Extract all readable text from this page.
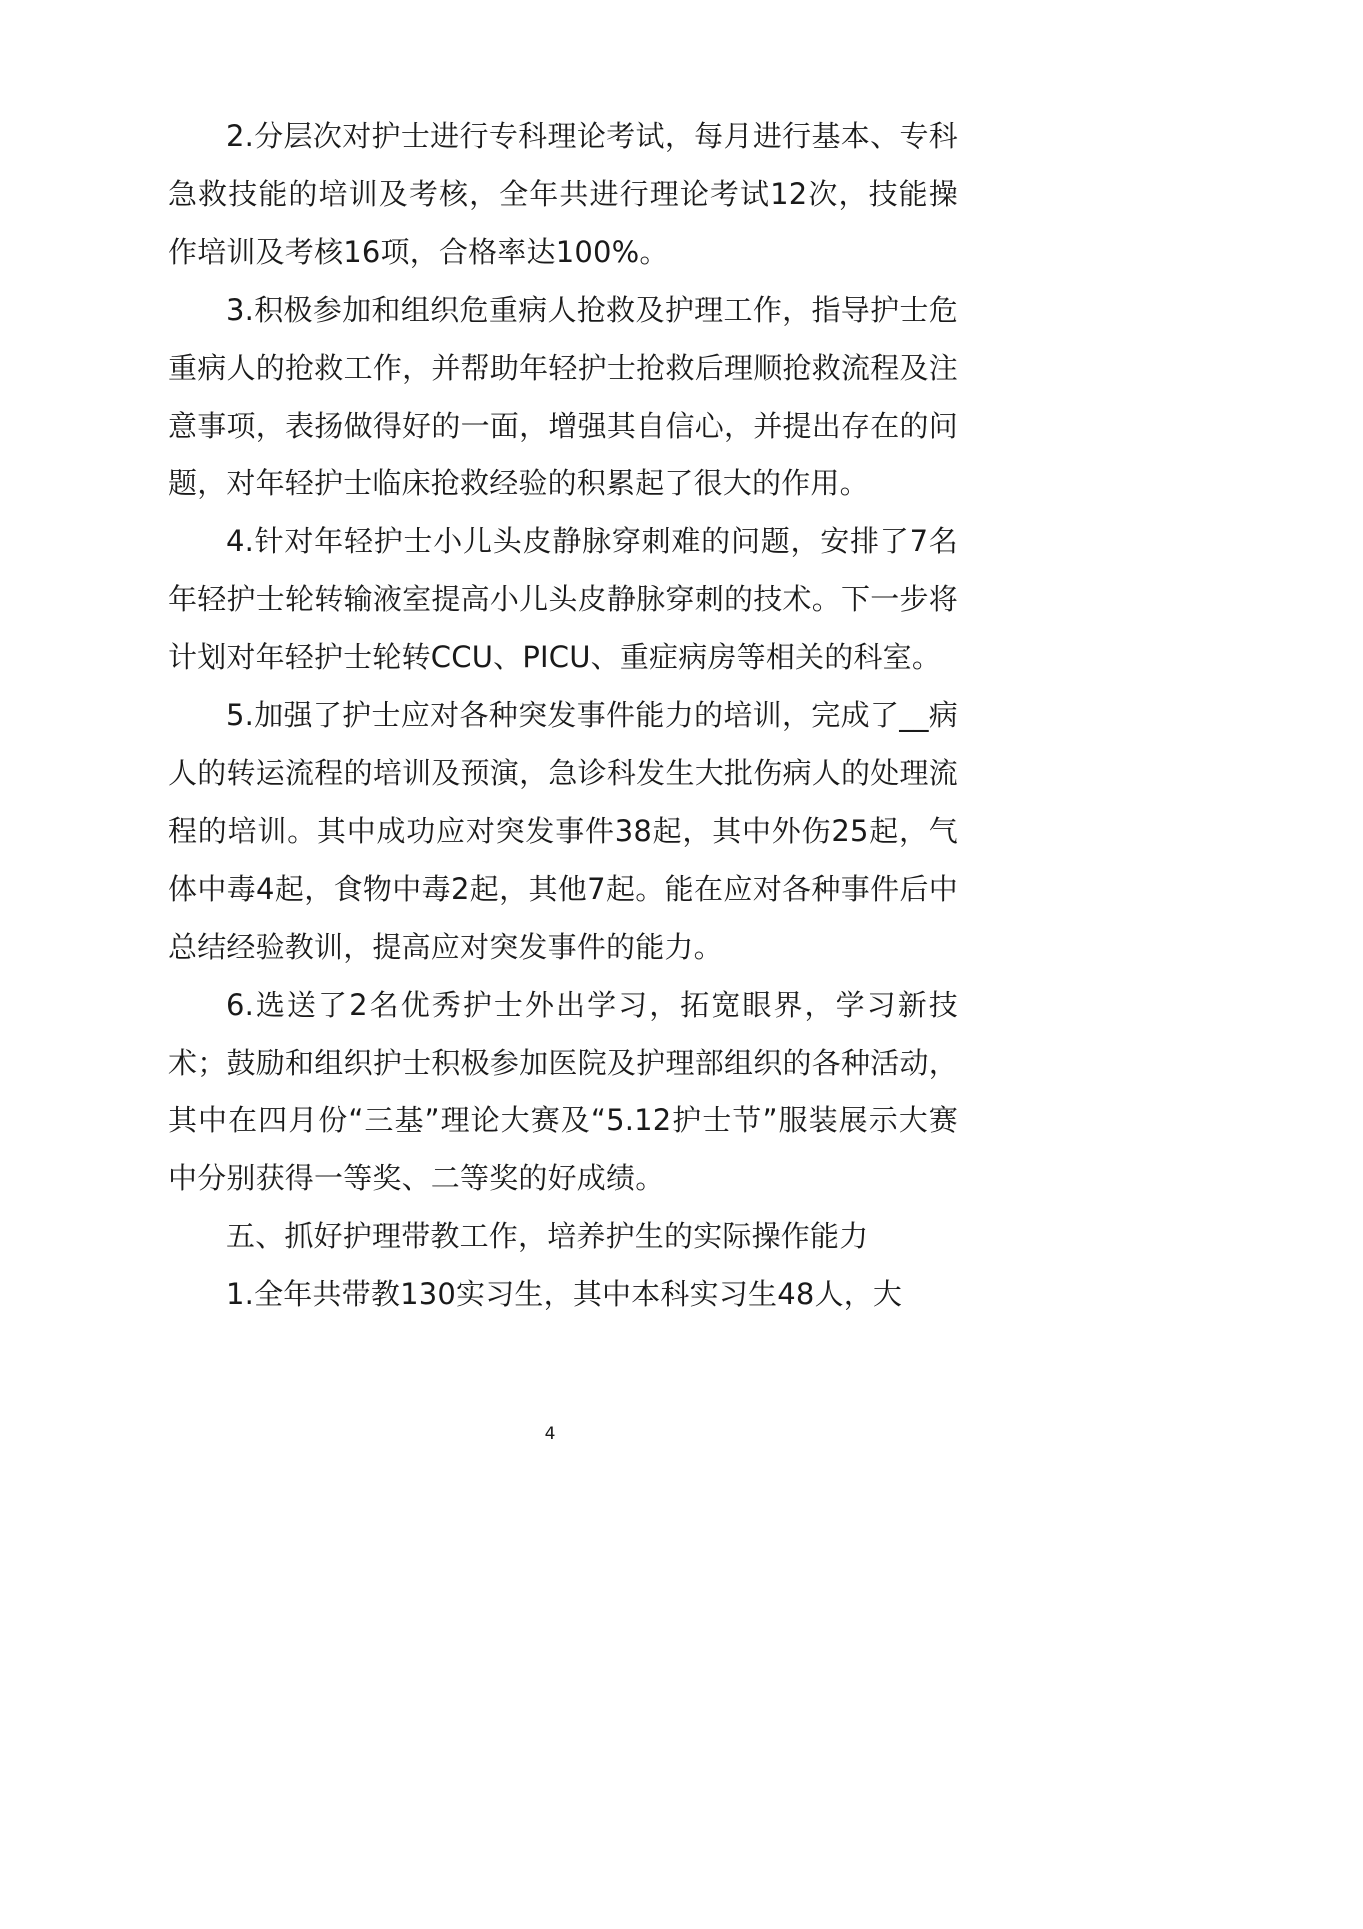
2.分层次对护士进行专科理论考试，每月进行基本、专科急救技能的培训及考核，全年共进行理论考试12次，技能操作培训及考核16项，合格率达100%。

3.积极参加和组织危重病人抢救及护理工作，指导护士危重病人的抢救工作，并帮助年轻护士抢救后理顺抢救流程及注意事项，表扬做得好的一面，增强其自信心，并提出存在的问题，对年轻护士临床抢救经验的积累起了很大的作用。

4.针对年轻护士小儿头皮静脉穿刺难的问题，安排了7名年轻护士轮转输液室提高小儿头皮静脉穿刺的技术。下一步将计划对年轻护士轮转CCU、PICU、重症病房等相关的科室。

5.加强了护士应对各种突发事件能力的培训，完成了__病人的转运流程的培训及预演，急诊科发生大批伤病人的处理流程的培训。其中成功应对突发事件38起，其中外伤25起，气体中毒4起，食物中毒2起，其他7起。能在应对各种事件后中总结经验教训，提高应对突发事件的能力。

6.选送了2名优秀护士外出学习，拓宽眼界，学习新技术；鼓励和组织护士积极参加医院及护理部组织的各种活动，其中在四月份“三基”理论大赛及“5.12护士节”服装展示大赛中分别获得一等奖、二等奖的好成绩。

五、抓好护理带教工作，培养护生的实际操作能力

1.全年共带教130实习生，其中本科实习生48人，大

4
